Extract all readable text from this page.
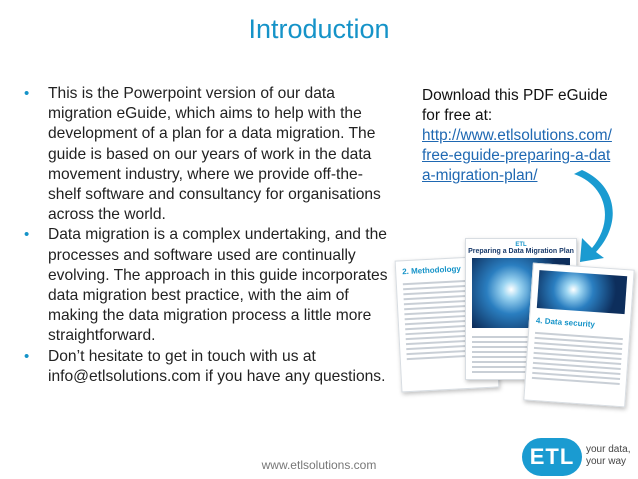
Introduction
• This is the Powerpoint version of our data migration eGuide, which aims to help with the development of a plan for a data migration. The guide is based on our years of work in the data movement industry, where we provide off-the-shelf software and consultancy for organisations across the world.
• Data migration is a complex undertaking, and the processes and software used are continually evolving. The approach in this guide incorporates data migration best practice, with the aim of making the data migration process a little more straightforward.
• Don’t hesitate to get in touch with us at info@etlsolutions.com if you have any questions.
Download this PDF eGuide for free at:
http://www.etlsolutions.com/free-eguide-preparing-a-data-migration-plan/
2. Methodology
ETL
Preparing a Data Migration Plan
4. Data security
www.etlsolutions.com	ETL	your data,
your way
